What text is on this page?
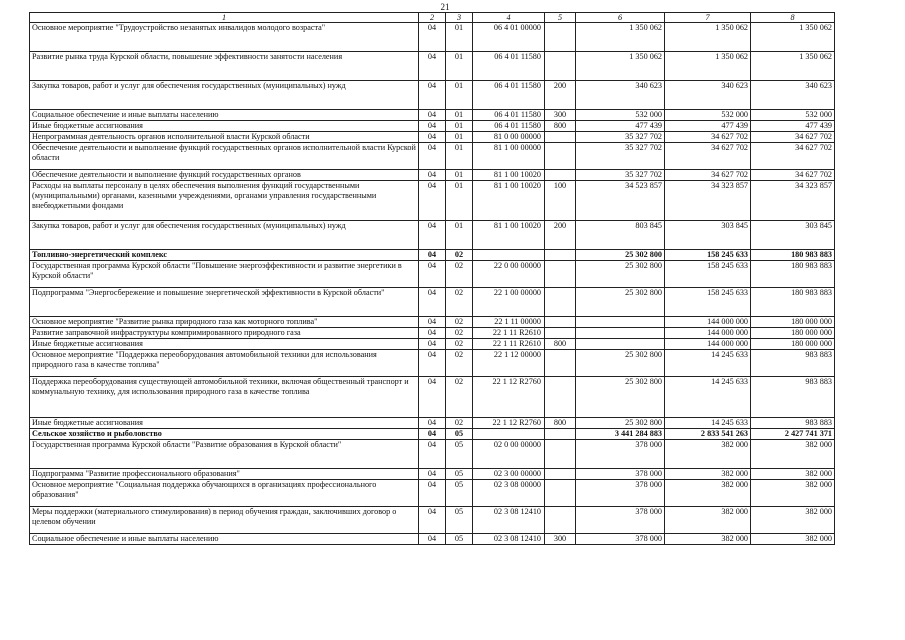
21
1	2	3	4	5	6	7	8
Основное мероприятие "Трудоустройство незанятых инвалидов молодого возраста"	04	01	06 4 01 00000		1 350 062	1 350 062	1 350 062
Развитие рынка труда Курской области, повышение эффективности занятости населения	04	01	06 4 01 11580		1 350 062	1 350 062	1 350 062
Закупка товаров, работ и услуг для обеспечения государственных (муниципальных) нужд	04	01	06 4 01 11580	200	340 623	340 623	340 623
Социальное обеспечение и иные выплаты населению	04	01	06 4 01 11580	300	532 000	532 000	532 000
Иные бюджетные ассигнования	04	01	06 4 01 11580	800	477 439	477 439	477 439
Непрограммная деятельность органов исполнительной власти Курской области	04	01	81 0 00 00000		35 327 702	34 627 702	34 627 702
Обеспечение деятельности и выполнение функций государственных органов исполнительной власти Курской области	04	01	81 1 00 00000		35 327 702	34 627 702	34 627 702
Обеспечение деятельности и выполнение функций государственных органов	04	01	81 1 00 10020		35 327 702	34 627 702	34 627 702
Расходы на выплаты персоналу в целях обеспечения выполнения функций государственными (муниципальными) органами, казенными учреждениями, органами управления государственными внебюджетными фондами	04	01	81 1 00 10020	100	34 523 857	34 323 857	34 323 857
Закупка товаров, работ и услуг для обеспечения государственных (муниципальных) нужд	04	01	81 1 00 10020	200	803 845	303 845	303 845
Топливно-энергетический комплекс	04	02			25 302 800	158 245 633	180 983 883
Государственная программа Курской области "Повышение энергоэффективности и развитие энергетики в Курской области"	04	02	22 0 00 00000		25 302 800	158 245 633	180 983 883
Подпрограмма "Энергосбережение и повышение энергетической эффективности в Курской области"	04	02	22 1 00 00000		25 302 800	158 245 633	180 983 883
Основное мероприятие "Развитие рынка природного газа как моторного топлива"	04	02	22 1 11 00000			144 000 000	180 000 000
Развитие заправочной инфраструктуры компримированного природного газа	04	02	22 1 11 R2610			144 000 000	180 000 000
Иные бюджетные ассигнования	04	02	22 1 11 R2610	800		144 000 000	180 000 000
Основное мероприятие "Поддержка переоборудования автомобильной техники для использования природного газа в качестве топлива"	04	02	22 1 12 00000		25 302 800	14 245 633	983 883
Поддержка переоборудования существующей автомобильной техники, включая общественный транспорт и коммунальную технику, для использования природного газа в качестве топлива	04	02	22 1 12 R2760		25 302 800	14 245 633	983 883
Иные бюджетные ассигнования	04	02	22 1 12 R2760	800	25 302 800	14 245 633	983 883
Сельское хозяйство и рыболовство	04	05			3 441 284 883	2 833 541 263	2 427 741 371
Государственная программа Курской области "Развитие образования в Курской области"	04	05	02 0 00 00000		378 000	382 000	382 000
Подпрограмма "Развитие профессионального образования"	04	05	02 3 00 00000		378 000	382 000	382 000
Основное мероприятие "Социальная поддержка обучающихся в организациях профессионального образования"	04	05	02 3 08 00000		378 000	382 000	382 000
Меры поддержки (материального стимулирования) в период обучения граждан, заключивших договор о целевом обучении	04	05	02 3 08 12410		378 000	382 000	382 000
Социальное обеспечение и иные выплаты населению	04	05	02 3 08 12410	300	378 000	382 000	382 000
